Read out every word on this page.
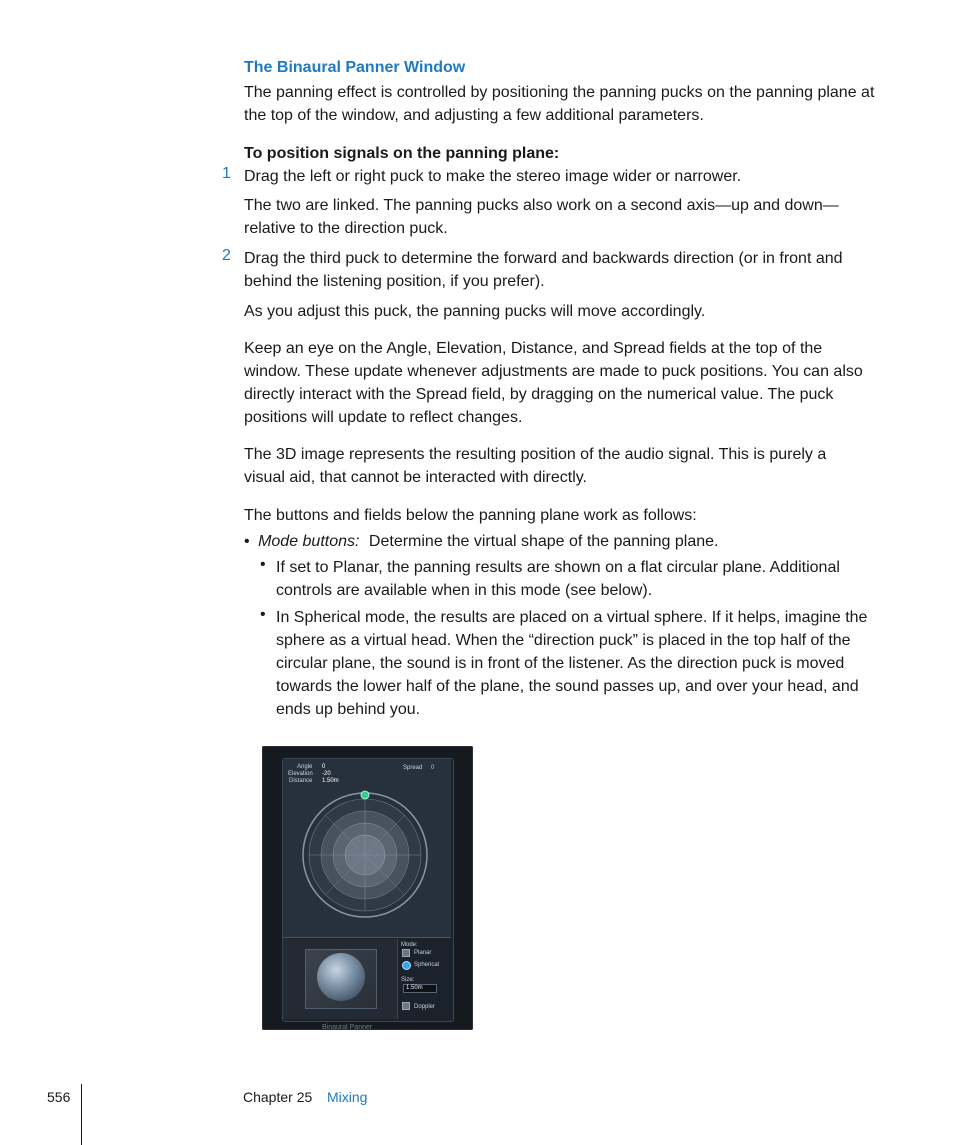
The Binaural Panner Window
The panning effect is controlled by positioning the panning pucks on the panning plane at the top of the window, and adjusting a few additional parameters.
To position signals on the panning plane:
1 Drag the left or right puck to make the stereo image wider or narrower.
The two are linked. The panning pucks also work on a second axis—up and down—relative to the direction puck.
2 Drag the third puck to determine the forward and backwards direction (or in front and behind the listening position, if you prefer).
As you adjust this puck, the panning pucks will move accordingly.
Keep an eye on the Angle, Elevation, Distance, and Spread fields at the top of the window. These update whenever adjustments are made to puck positions. You can also directly interact with the Spread field, by dragging on the numerical value. The puck positions will update to reflect changes.
The 3D image represents the resulting position of the audio signal. This is purely a visual aid, that cannot be interacted with directly.
The buttons and fields below the panning plane work as follows:
• Mode buttons: Determine the virtual shape of the panning plane.
• If set to Planar, the panning results are shown on a flat circular plane. Additional controls are available when in this mode (see below).
• In Spherical mode, the results are placed on a virtual sphere. If it helps, imagine the sphere as a virtual head. When the “direction puck” is placed in the top half of the circular plane, the sound is in front of the listener. As the direction puck is moved towards the lower half of the plane, the sound passes up, and over your head, and ends up behind you.
Angle 0
Elevation -20
Distance 1.50m
Spread 0
Mode:
Planar
Spherical
Size:
1.50m
Doppler
Binaural Panner
556	Chapter 25 Mixing
